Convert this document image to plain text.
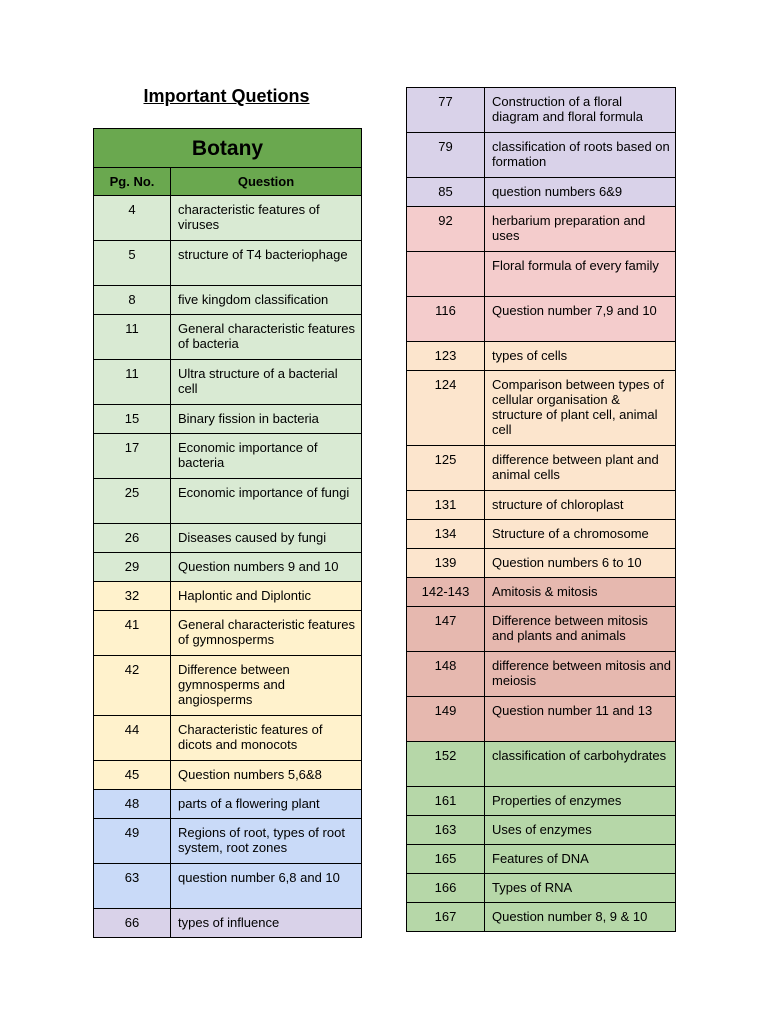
Important Quetions
Botany	
Pg. No.	Question
4	characteristic features of viruses
5	structure of T4 bacteriophage
8	five kingdom classification
11	General characteristic features of bacteria
11	Ultra structure of a bacterial cell
15	Binary fission in bacteria
17	Economic importance of bacteria
25	Economic importance of fungi
26	Diseases caused by fungi
29	Question numbers 9 and 10
32	Haplontic and Diplontic
41	General characteristic features of gymnosperms
42	Difference between gymnosperms and angiosperms
44	Characteristic features of dicots and monocots
45	Question numbers 5,6&8
48	parts of a flowering plant
49	Regions of root, types of root system, root zones
63	question number 6,8 and 10
66	types of influence
77	Construction of a floral diagram and floral formula
79	classification of roots based on formation
85	question numbers 6&9
92	herbarium preparation and uses
	Floral formula of every family
116	Question number 7,9 and 10
123	types of cells
124	Comparison between types of cellular organisation & structure of plant cell, animal cell
125	difference between plant and animal cells
131	structure of chloroplast
134	Structure of a chromosome
139	Question numbers 6 to 10
142-143	Amitosis & mitosis
147	Difference between mitosis and plants and animals
148	difference between mitosis and meiosis
149	Question number 11 and 13
152	classification of carbohydrates
161	Properties of enzymes
163	Uses of enzymes
165	Features of DNA
166	Types of RNA
167	Question number 8, 9 & 10
